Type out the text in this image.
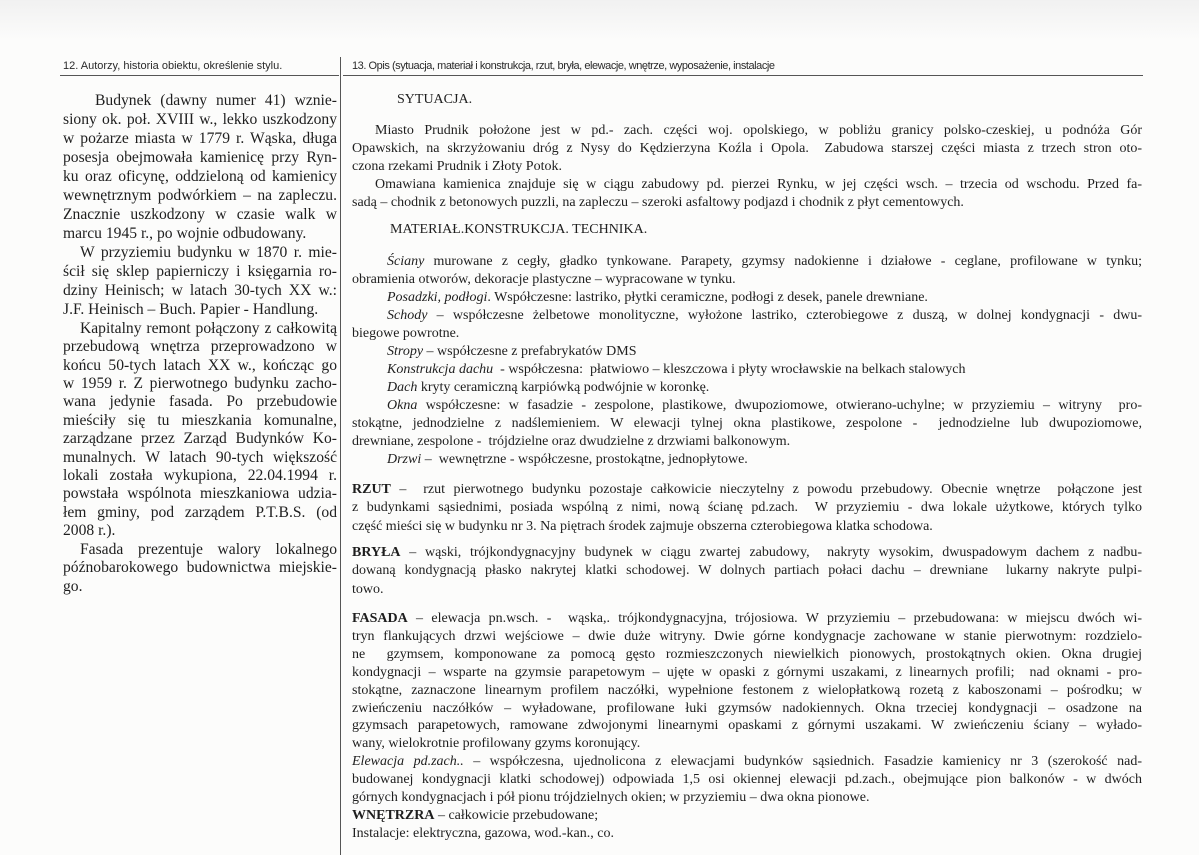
12. Autorzy, historia obiektu, określenie stylu.	13. Opis (sytuacja, materiał i konstrukcja, rzut, bryła, elewacje, wnętrze, wyposażenie, instalacje
Budynek (dawny numer 41) wznie-
siony ok. poł. XVIII w., lekko uszkodzony
w pożarze miasta w 1779 r. Wąska, długa
posesja obejmowała kamienicę przy Ryn-
ku oraz oficynę, oddzieloną od kamienicy
wewnętrznym podwórkiem – na zapleczu.
Znacznie uszkodzony w czasie walk w
marcu 1945 r., po wojnie odbudowany.
W przyziemiu budynku w 1870 r. mie-
ścił się sklep papierniczy i księgarnia ro-
dziny Heinisch; w latach 30-tych XX w.:
J.F. Heinisch – Buch. Papier - Handlung.
Kapitalny remont połączony z całkowitą
przebudową wnętrza przeprowadzono w
końcu 50-tych latach XX w., kończąc go
w 1959 r. Z pierwotnego budynku zacho-
wana jedynie fasada. Po przebudowie
mieściły się tu mieszkania komunalne,
zarządzane przez Zarząd Budynków Ko-
munalnych. W latach 90-tych większość
lokali została wykupiona, 22.04.1994 r.
powstała wspólnota mieszkaniowa udzia-
łem gminy, pod zarządem P.T.B.S. (od
2008 r.).
Fasada prezentuje walory lokalnego
późnobarokowego budownictwa miejskie-
go.
SYTUACJA.
Miasto Prudnik położone jest w pd.- zach. części woj. opolskiego, w pobliżu granicy polsko-czeskiej, u podnóża Gór
Opawskich, na skrzyżowaniu dróg z Nysy do Kędzierzyna Koźla i Opola.  Zabudowa starszej części miasta z trzech stron oto-
czona rzekami Prudnik i Złoty Potok.
Omawiana kamienica znajduje się w ciągu zabudowy pd. pierzei Rynku, w jej części wsch. – trzecia od wschodu. Przed fa-
sadą – chodnik z betonowych puzzli, na zapleczu – szeroki asfaltowy podjazd i chodnik z płyt cementowych.
MATERIAŁ.KONSTRUKCJA. TECHNIKA.
Ściany murowane z cegły, gładko tynkowane. Parapety, gzymsy nadokienne i działowe - ceglane, profilowane w tynku;
obramienia otworów, dekoracje plastyczne – wypracowane w tynku.
Posadzki, podłogi. Współczesne: lastriko, płytki ceramiczne, podłogi z desek, panele drewniane.
Schody – współczesne żelbetowe monolityczne, wyłożone lastriko, czterobiegowe z duszą, w dolnej kondygnacji - dwu-
biegowe powrotne.
Stropy – współczesne z prefabrykatów DMS
Konstrukcja dachu  - współczesna:  płatwiowo – kleszczowa i płyty wrocławskie na belkach stalowych
Dach kryty ceramiczną karpiówką podwójnie w koronkę.
Okna współczesne: w fasadzie - zespolone, plastikowe, dwupoziomowe, otwierano-uchylne; w przyziemiu – witryny  pro-
stokątne, jednodzielne z nadślemieniem. W elewacji tylnej okna plastikowe, zespolone -  jednodzielne lub dwupoziomowe,
drewniane, zespolone -  trójdzielne oraz dwudzielne z drzwiami balkonowym.
Drzwi –  wewnętrzne - współczesne, prostokątne, jednopłytowe.
RZUT –  rzut pierwotnego budynku pozostaje całkowicie nieczytelny z powodu przebudowy. Obecnie wnętrze  połączone jest
z budynkami sąsiednimi, posiada wspólną z nimi, nową ścianę pd.zach.  W przyziemiu - dwa lokale użytkowe, których tylko
część mieści się w budynku nr 3. Na piętrach środek zajmuje obszerna czterobiegowa klatka schodowa.
BRYŁA – wąski, trójkondygnacyjny budynek w ciągu zwartej zabudowy,  nakryty wysokim, dwuspadowym dachem z nadbu-
dowaną kondygnacją płasko nakrytej klatki schodowej. W dolnych partiach połaci dachu – drewniane  lukarny nakryte pulpi-
towo.
FASADA – elewacja pn.wsch. -  wąska,. trójkondygnacyjna, trójosiowa. W przyziemiu – przebudowana: w miejscu dwóch wi-
tryn flankujących drzwi wejściowe – dwie duże witryny. Dwie górne kondygnacje zachowane w stanie pierwotnym: rozdzielo-
ne  gzymsem, komponowane za pomocą gęsto rozmieszczonych niewielkich pionowych, prostokątnych okien. Okna drugiej
kondygnacji – wsparte na gzymsie parapetowym – ujęte w opaski z górnymi uszakami, z linearnych profili;  nad oknami - pro-
stokątne, zaznaczone linearnym profilem naczółki, wypełnione festonem z wielopłatkową rozetą z kaboszonami – pośrodku; w
zwieńczeniu naczółków – wyładowane, profilowane łuki gzymsów nadokiennych. Okna trzeciej kondygnacji – osadzone na
gzymsach parapetowych, ramowane zdwojonymi linearnymi opaskami z górnymi uszakami. W zwieńczeniu ściany – wyłado-
wany, wielokrotnie profilowany gzyms koronujący.
Elewacja pd.zach.. – współczesna, ujednolicona z elewacjami budynków sąsiednich. Fasadzie kamienicy nr 3 (szerokość nad-
budowanej kondygnacji klatki schodowej) odpowiada 1,5 osi okiennej elewacji pd.zach., obejmujące pion balkonów - w dwóch
górnych kondygnacjach i pół pionu trójdzielnych okien; w przyziemiu – dwa okna pionowe.
WNĘTRZRA – całkowicie przebudowane;
Instalacje: elektryczna, gazowa, wod.-kan., co.
